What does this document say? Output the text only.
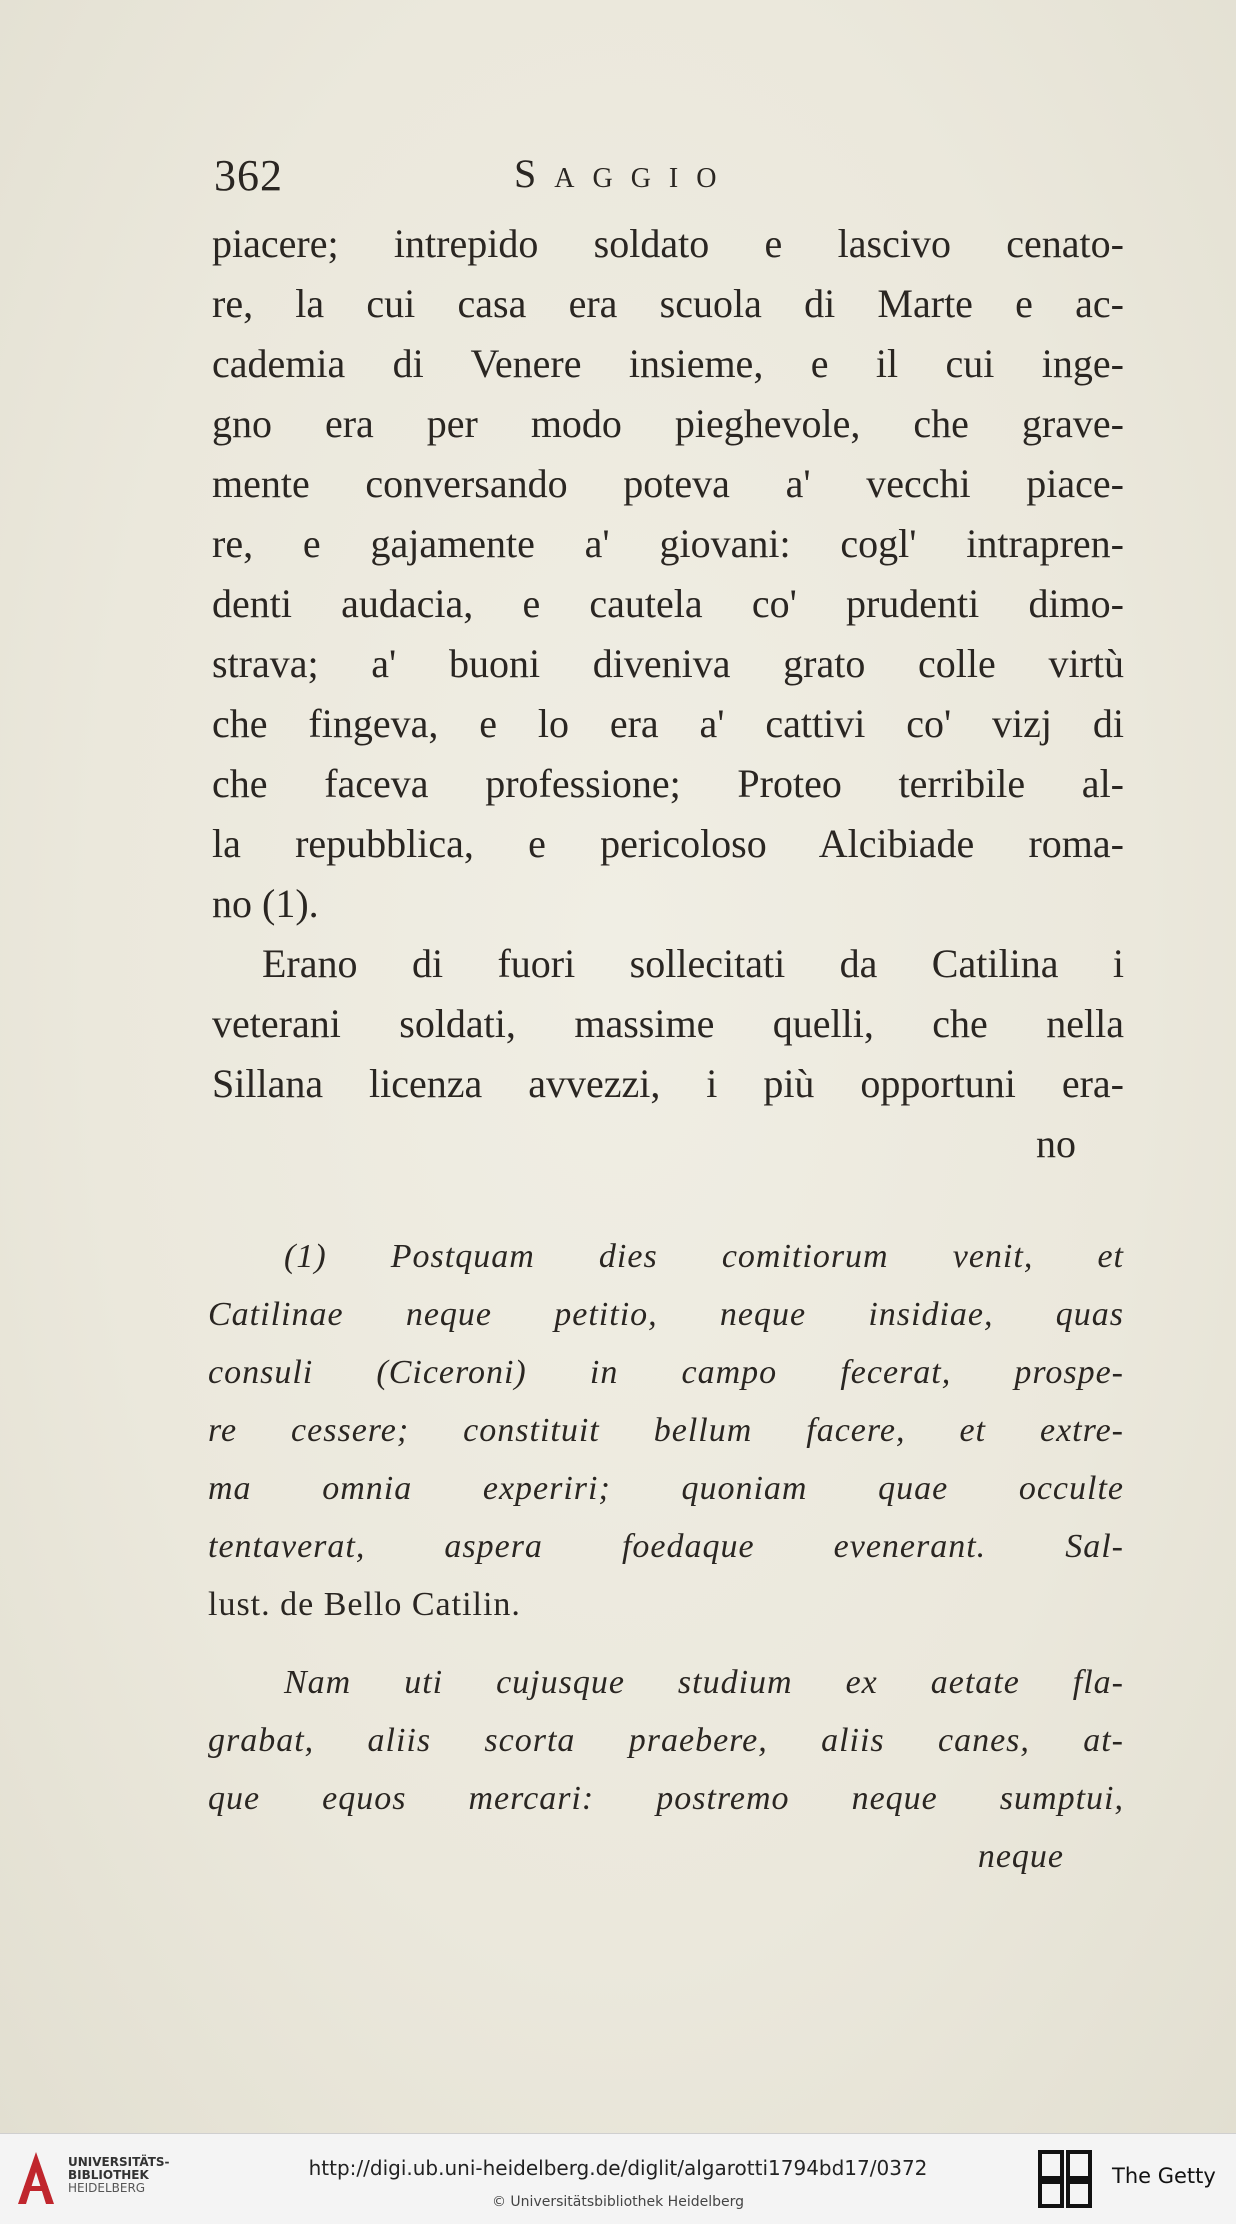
362	Saggio
piacere; intrepido soldato e lascivo cenato-
re, la cui casa era scuola di Marte e ac-
cademia di Venere insieme, e il cui inge-
gno era per modo pieghevole, che grave-
mente conversando poteva a' vecchi piace-
re, e gajamente a' giovani: cogl' intrapren-
denti audacia, e cautela co' prudenti dimo-
strava; a' buoni diveniva grato colle virtù
che fingeva, e lo era a' cattivi co' vizj di
che faceva professione; Proteo terribile al-
la repubblica, e pericoloso Alcibiade roma-
no (1).
Erano di fuori sollecitati da Catilina i
veterani soldati, massime quelli, che nella
Sillana licenza avvezzi, i più opportuni era-
no
(1) Postquam dies comitiorum venit, et
Catilinae neque petitio, neque insidiae, quas
consuli (Ciceroni) in campo fecerat, prospe-
re cessere; constituit bellum facere, et extre-
ma omnia experiri; quoniam quae occulte
tentaverat, aspera foedaque evenerant. Sal-
lust. de Bello Catilin.
Nam uti cujusque studium ex aetate fla-
grabat, aliis scorta praebere, aliis canes, at-
que equos mercari: postremo neque sumptui,
neque
UNIVERSITÄTS-
BIBLIOTHEK
HEIDELBERG
http://digi.ub.uni-heidelberg.de/diglit/algarotti1794bd17/0372
© Universitätsbibliothek Heidelberg
The Getty
